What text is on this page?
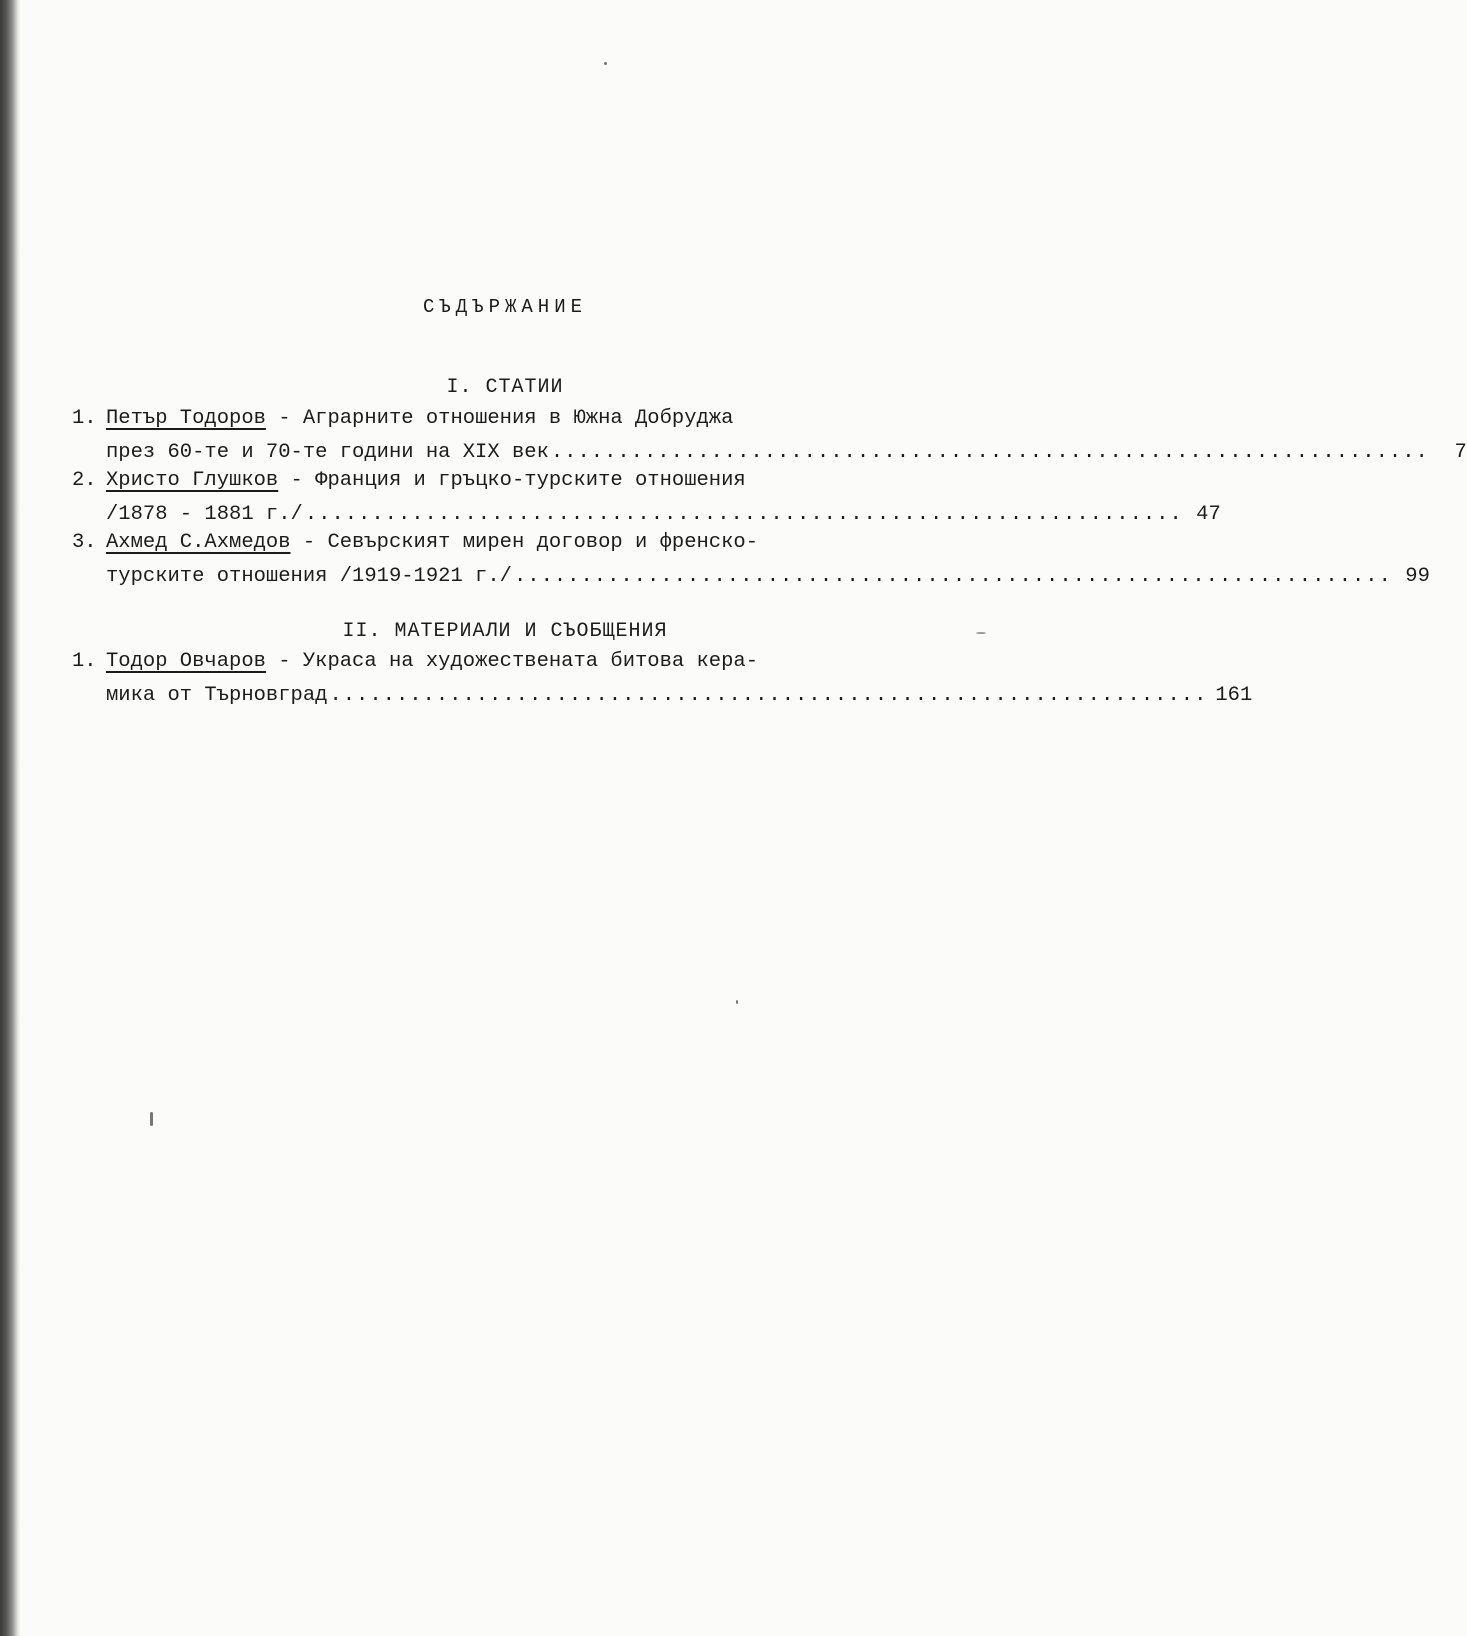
СЪДЪРЖАНИЕ
I. СТАТИИ
1. Петър Тодоров - Аграрните отношения в Южна Добруджа
през 60-те и 70-те години на XIX век ..................................................................	7
2. Христо Глушков - Франция и гръцко-турските отношения
/1878 - 1881 г./ .................................................................. 47
3. Ахмед С.Ахмедов - Севърският мирен договор и френско-
турските отношения /1919-1921 г./ .................................................................. 99
II. МАТЕРИАЛИ И СЪОБЩЕНИЯ
1. Тодор Овчаров - Украса на художествената битова кера-
мика от Търновград .................................................................. 161
